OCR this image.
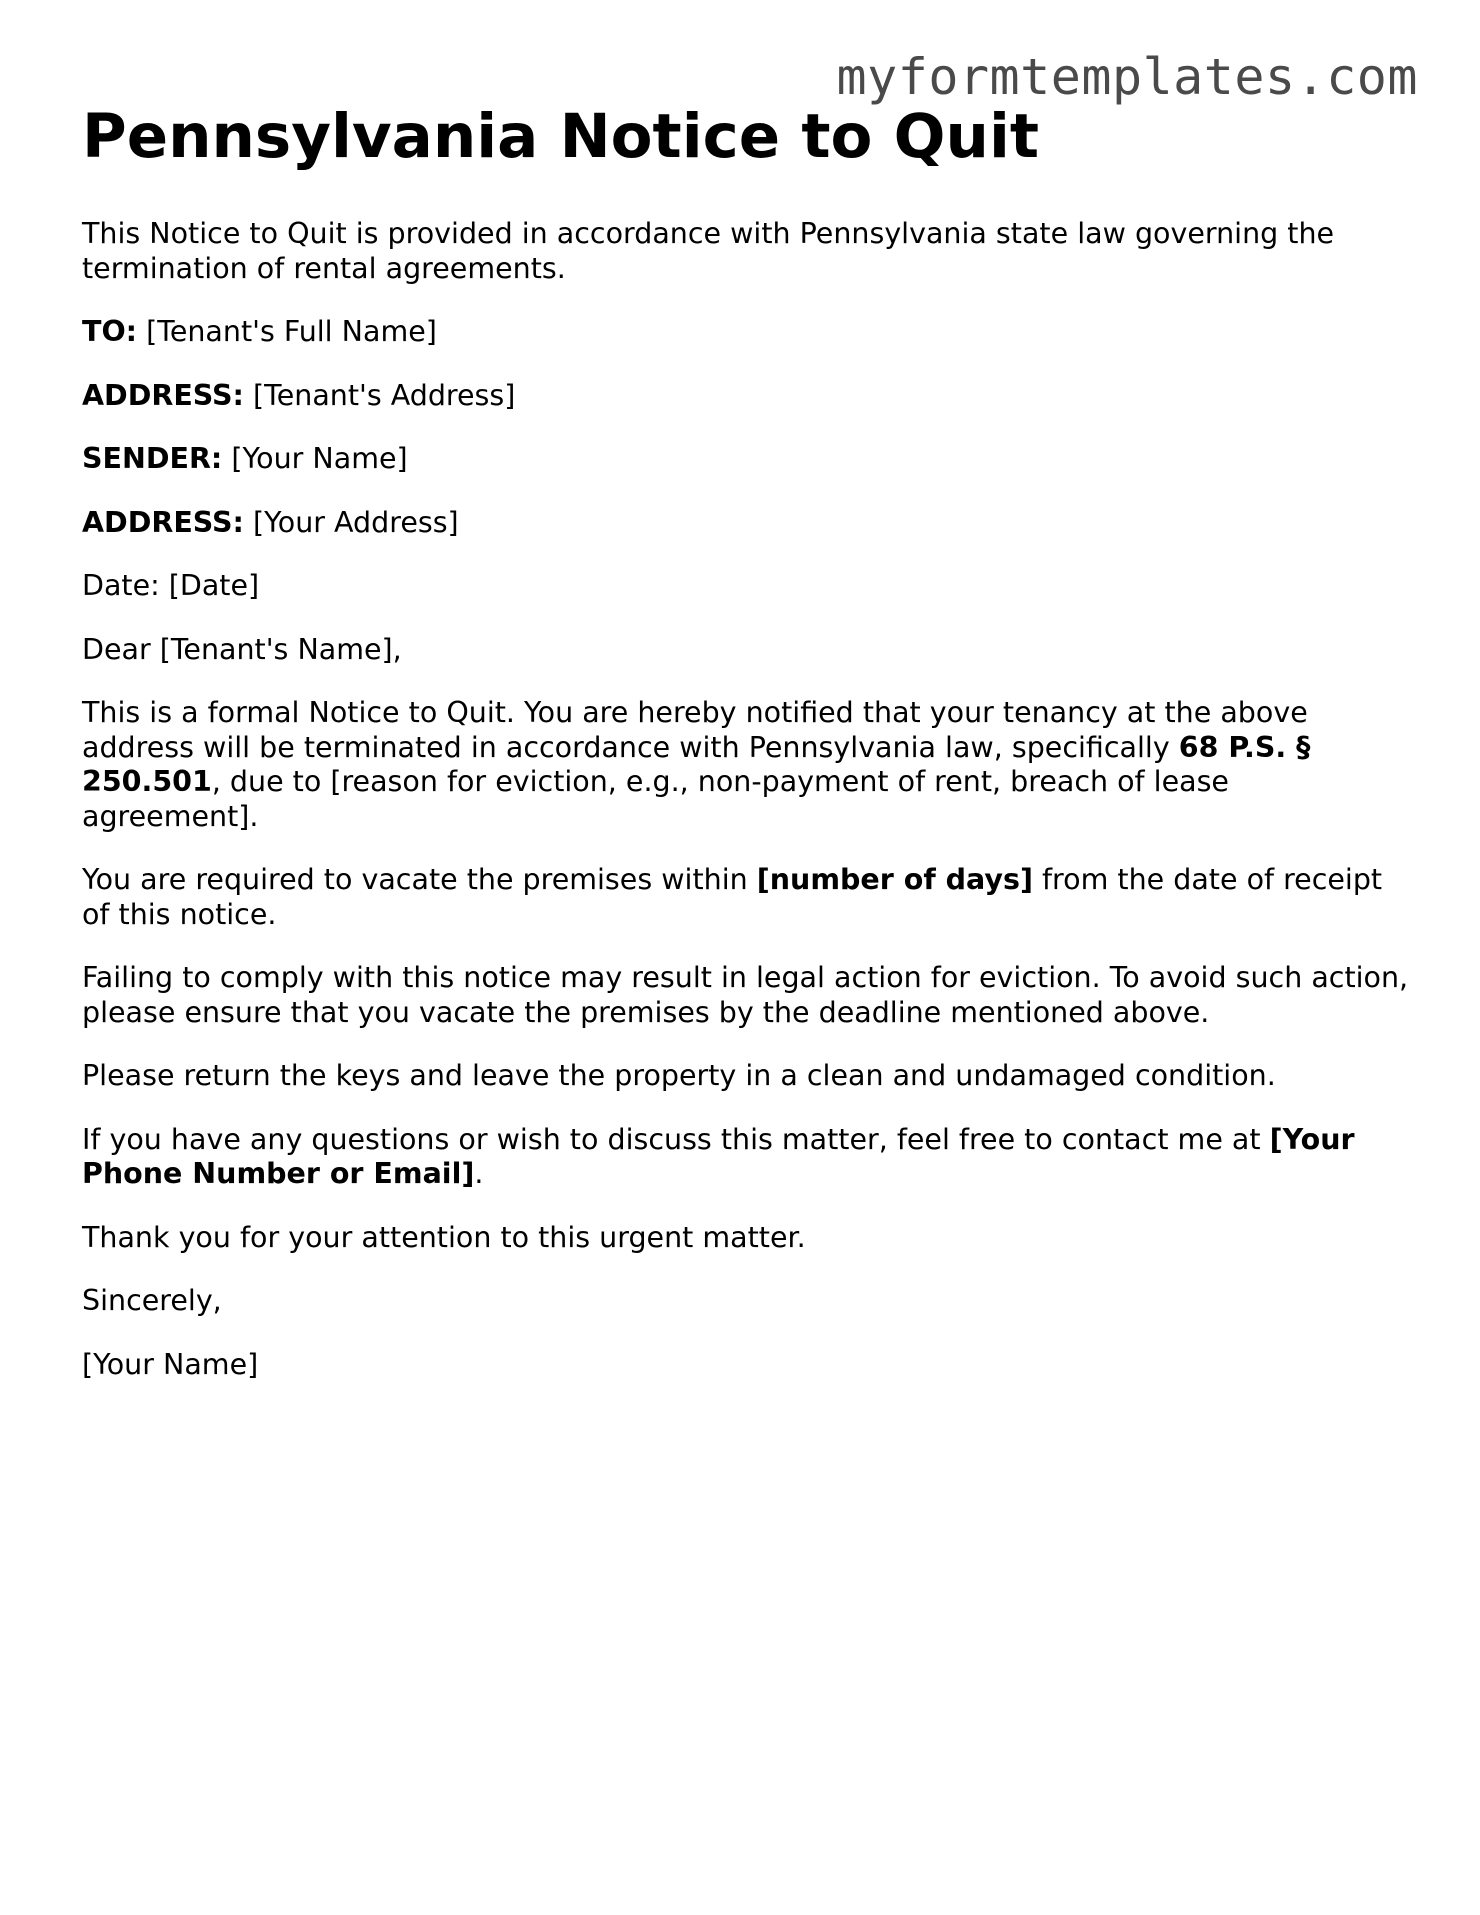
myformtemplates.com
Pennsylvania Notice to Quit

This Notice to Quit is provided in accordance with Pennsylvania state law governing the termination of rental agreements.

TO: [Tenant's Full Name]

ADDRESS: [Tenant's Address]

SENDER: [Your Name]

ADDRESS: [Your Address]

Date: [Date]

Dear [Tenant's Name],

This is a formal Notice to Quit. You are hereby notified that your tenancy at the above address will be terminated in accordance with Pennsylvania law, specifically 68 P.S. § 250.501, due to [reason for eviction, e.g., non-payment of rent, breach of lease agreement].

You are required to vacate the premises within [number of days] from the date of receipt of this notice.

Failing to comply with this notice may result in legal action for eviction. To avoid such action, please ensure that you vacate the premises by the deadline mentioned above.

Please return the keys and leave the property in a clean and undamaged condition.

If you have any questions or wish to discuss this matter, feel free to contact me at [Your Phone Number or Email].

Thank you for your attention to this urgent matter.

Sincerely,

[Your Name]
